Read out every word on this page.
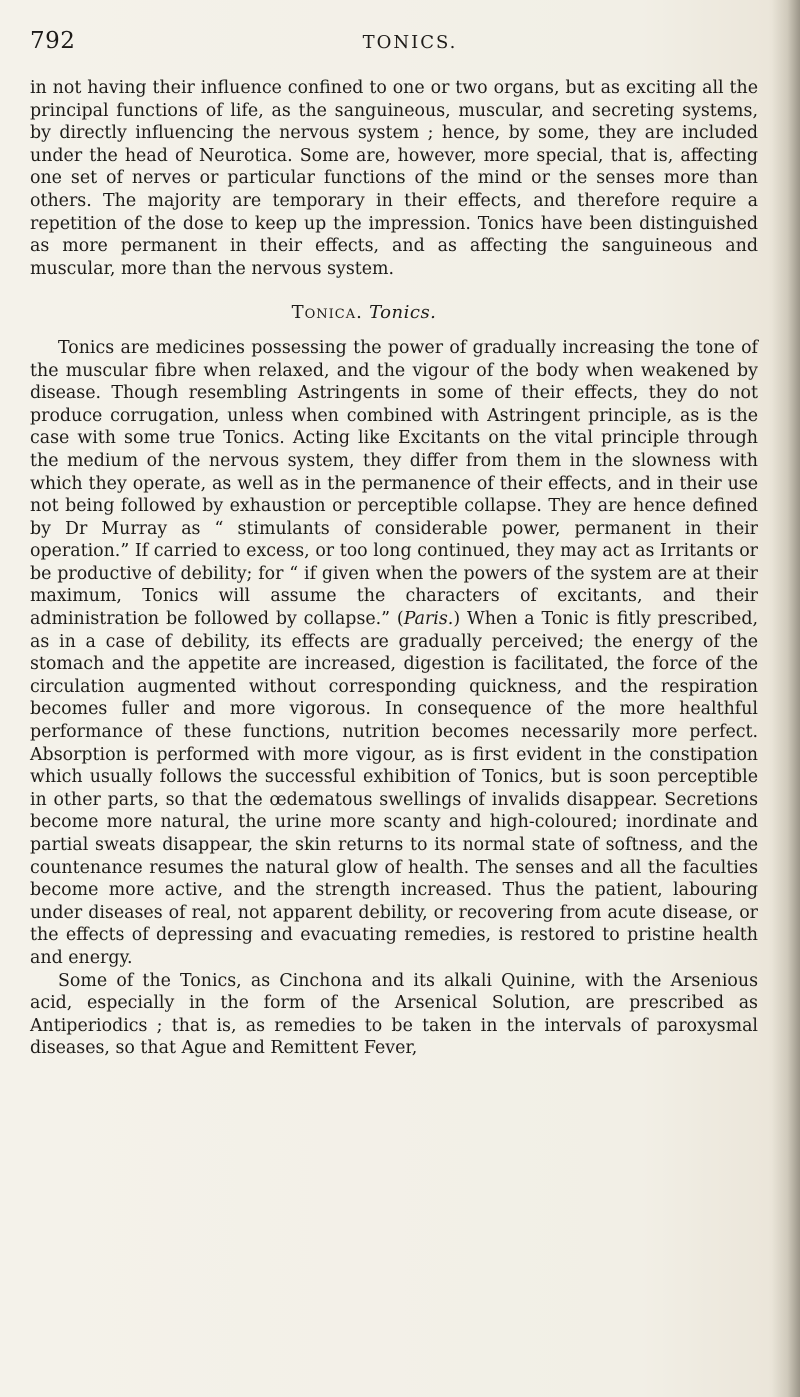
792	TONICS.

in not having their influence confined to one or two organs, but as exciting all the principal functions of life, as the sanguineous, muscular, and secreting systems, by directly influencing the nervous system ; hence, by some, they are included under the head of Neurotica. Some are, however, more special, that is, affecting one set of nerves or particular functions of the mind or the senses more than others. The majority are temporary in their effects, and therefore require a repetition of the dose to keep up the impression. Tonics have been distinguished as more permanent in their effects, and as affecting the sanguineous and muscular, more than the nervous system.

Tonica. Tonics.

Tonics are medicines possessing the power of gradually increasing the tone of the muscular fibre when relaxed, and the vigour of the body when weakened by disease. Though resembling Astringents in some of their effects, they do not produce corrugation, unless when combined with Astringent principle, as is the case with some true Tonics. Acting like Excitants on the vital principle through the medium of the nervous system, they differ from them in the slowness with which they operate, as well as in the permanence of their effects, and in their use not being followed by exhaustion or perceptible collapse. They are hence defined by Dr Murray as “ stimulants of considerable power, permanent in their operation.” If carried to excess, or too long continued, they may act as Irritants or be productive of debility; for “ if given when the powers of the system are at their maximum, Tonics will assume the characters of excitants, and their administration be followed by collapse.” (Paris.) When a Tonic is fitly prescribed, as in a case of debility, its effects are gradually perceived; the energy of the stomach and the appetite are increased, digestion is facilitated, the force of the circulation augmented without corresponding quickness, and the respiration becomes fuller and more vigorous. In consequence of the more healthful performance of these functions, nutrition becomes necessarily more perfect. Absorption is performed with more vigour, as is first evident in the constipation which usually follows the successful exhibition of Tonics, but is soon perceptible in other parts, so that the œdematous swellings of invalids disappear. Secretions become more natural, the urine more scanty and high-coloured; inordinate and partial sweats disappear, the skin returns to its normal state of softness, and the countenance resumes the natural glow of health. The senses and all the faculties become more active, and the strength increased. Thus the patient, labouring under diseases of real, not apparent debility, or recovering from acute disease, or the effects of depressing and evacuating remedies, is restored to pristine health and energy.

Some of the Tonics, as Cinchona and its alkali Quinine, with the Arsenious acid, especially in the form of the Arsenical Solution, are prescribed as Antiperiodics ; that is, as remedies to be taken in the intervals of paroxysmal diseases, so that Ague and Remittent Fever,
